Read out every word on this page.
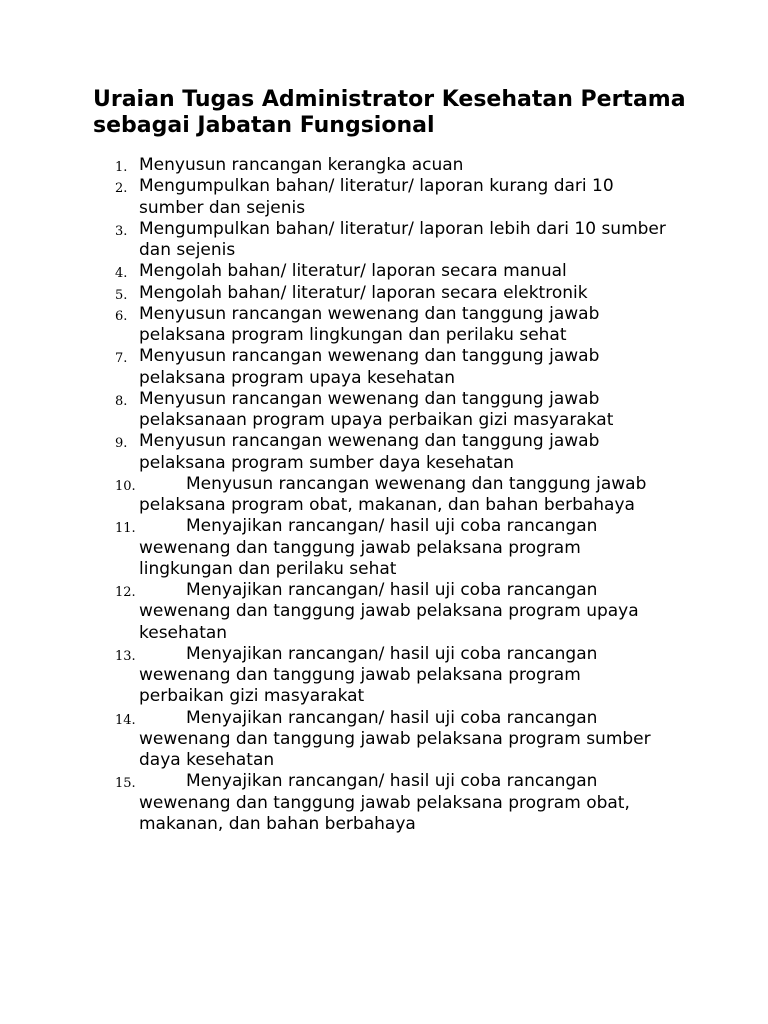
Uraian Tugas Administrator Kesehatan Pertama sebagai Jabatan Fungsional
1. Menyusun rancangan kerangka acuan
2. Mengumpulkan bahan/ literatur/ laporan kurang dari 10 sumber dan sejenis
3. Mengumpulkan bahan/ literatur/ laporan lebih dari 10 sumber dan sejenis
4. Mengolah bahan/ literatur/ laporan secara manual
5. Mengolah bahan/ literatur/ laporan secara elektronik
6. Menyusun rancangan wewenang dan tanggung jawab pelaksana program lingkungan dan perilaku sehat
7. Menyusun rancangan wewenang dan tanggung jawab pelaksana program upaya kesehatan
8. Menyusun rancangan wewenang dan tanggung jawab pelaksanaan program upaya perbaikan gizi masyarakat
9. Menyusun rancangan wewenang dan tanggung jawab pelaksana program sumber daya kesehatan
10.	Menyusun rancangan wewenang dan tanggung jawab pelaksana program obat, makanan, dan bahan berbahaya
11.	Menyajikan rancangan/ hasil uji coba rancangan wewenang dan tanggung jawab pelaksana program lingkungan dan perilaku sehat
12.	Menyajikan rancangan/ hasil uji coba rancangan wewenang dan tanggung jawab pelaksana program upaya kesehatan
13.	Menyajikan rancangan/ hasil uji coba rancangan wewenang dan tanggung jawab pelaksana program perbaikan gizi masyarakat
14.	Menyajikan rancangan/ hasil uji coba rancangan wewenang dan tanggung jawab pelaksana program sumber daya kesehatan
15.	Menyajikan rancangan/ hasil uji coba rancangan wewenang dan tanggung jawab pelaksana program obat, makanan, dan bahan berbahaya
